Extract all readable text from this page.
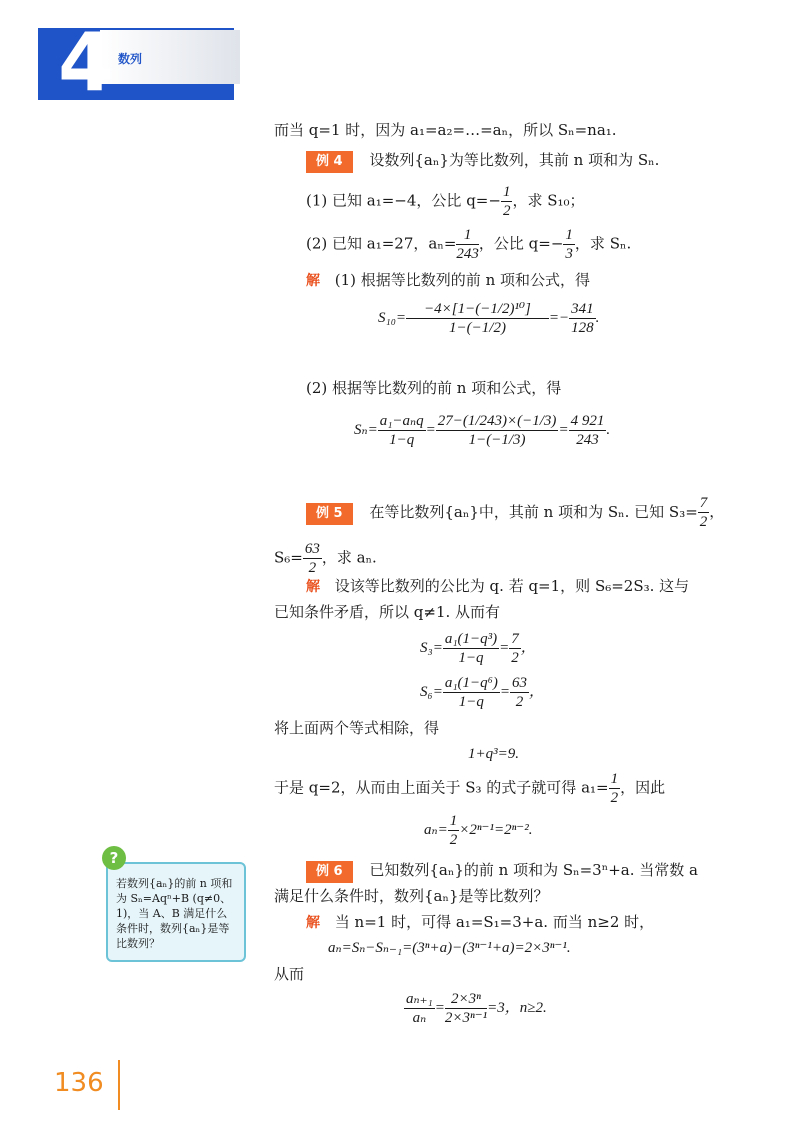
4 数列
而当 q=1 时，因为 a₁=a₂=…=aₙ，所以 Sₙ=na₁.
例 4 设数列{aₙ}为等比数列，其前 n 项和为 Sₙ.
(1) 已知 a₁=−4，公比 $q=- \frac{1}{2}$ ，求 S₁₀；
(2) 已知 a₁=27，$a_n= \frac{1}{243}$ ，公比 $q=- \frac{1}{3}$ ，求 Sₙ.
解 (1) 根据等比数列的前 n 项和公式，得
$S_{10}= \frac{\text{−4×[1−(−1/2)¹⁰]}}{1-(-1/2)} =- \frac{341}{128}$ .
(2) 根据等比数列的前 n 项和公式，得
$S_n= \frac{\text{a₁−aₙq}}{1-q} = \frac{27-(1/243)\times(-1/3)}{1-(-1/3)} = \frac{4 921}{243}$ .
例 5 在等比数列{aₙ}中，其前 n 项和为 Sₙ. 已知 $S_3= \frac{7}{2}$ ，
$S_6= \frac{63}{2}$ ，求 aₙ.
解 设该等比数列的公比为 q. 若 q=1，则 S₆=2S₃. 这与
已知条件矛盾，所以 q≠1. 从而有
$S_3= \frac{\text{a₁(1−q³)}}{1-q} = \frac{7}{2}$ ，
$S_6= \frac{\text{a₁(1−q⁶)}}{1-q} = \frac{63}{2}$ ，
将上面两个等式相除，得
1+q³=9.
于是 q=2，从而由上面关于 S₃ 的式子就可得 $a_1= \frac{1}{2}$ ，因此
$a_n= \frac{1}{2} \times 2^{n-1}=2^{n-2}$.
例 6 已知数列{aₙ}的前 n 项和为 Sₙ=3ⁿ+a. 当常数 a
满足什么条件时，数列{aₙ}是等比数列？
解 当 n=1 时，可得 a₁=S₁=3+a. 而当 n≥2 时，
aₙ=Sₙ−Sₙ₋₁=(3ⁿ+a)−(3ⁿ⁻¹+a)=2×3ⁿ⁻¹.
从而
$\frac{\text{aₙ₊₁}}{\text{aₙ}} = \frac{\text{2×3ⁿ}}{\text{2×3ⁿ⁻¹}} =3$，n≥2.
?
若数列{aₙ}的前 n 项和为 Sₙ=Aqⁿ+B (q≠0、1)，当 A、B 满足什么条件时，数列{aₙ}是等比数列？
136
